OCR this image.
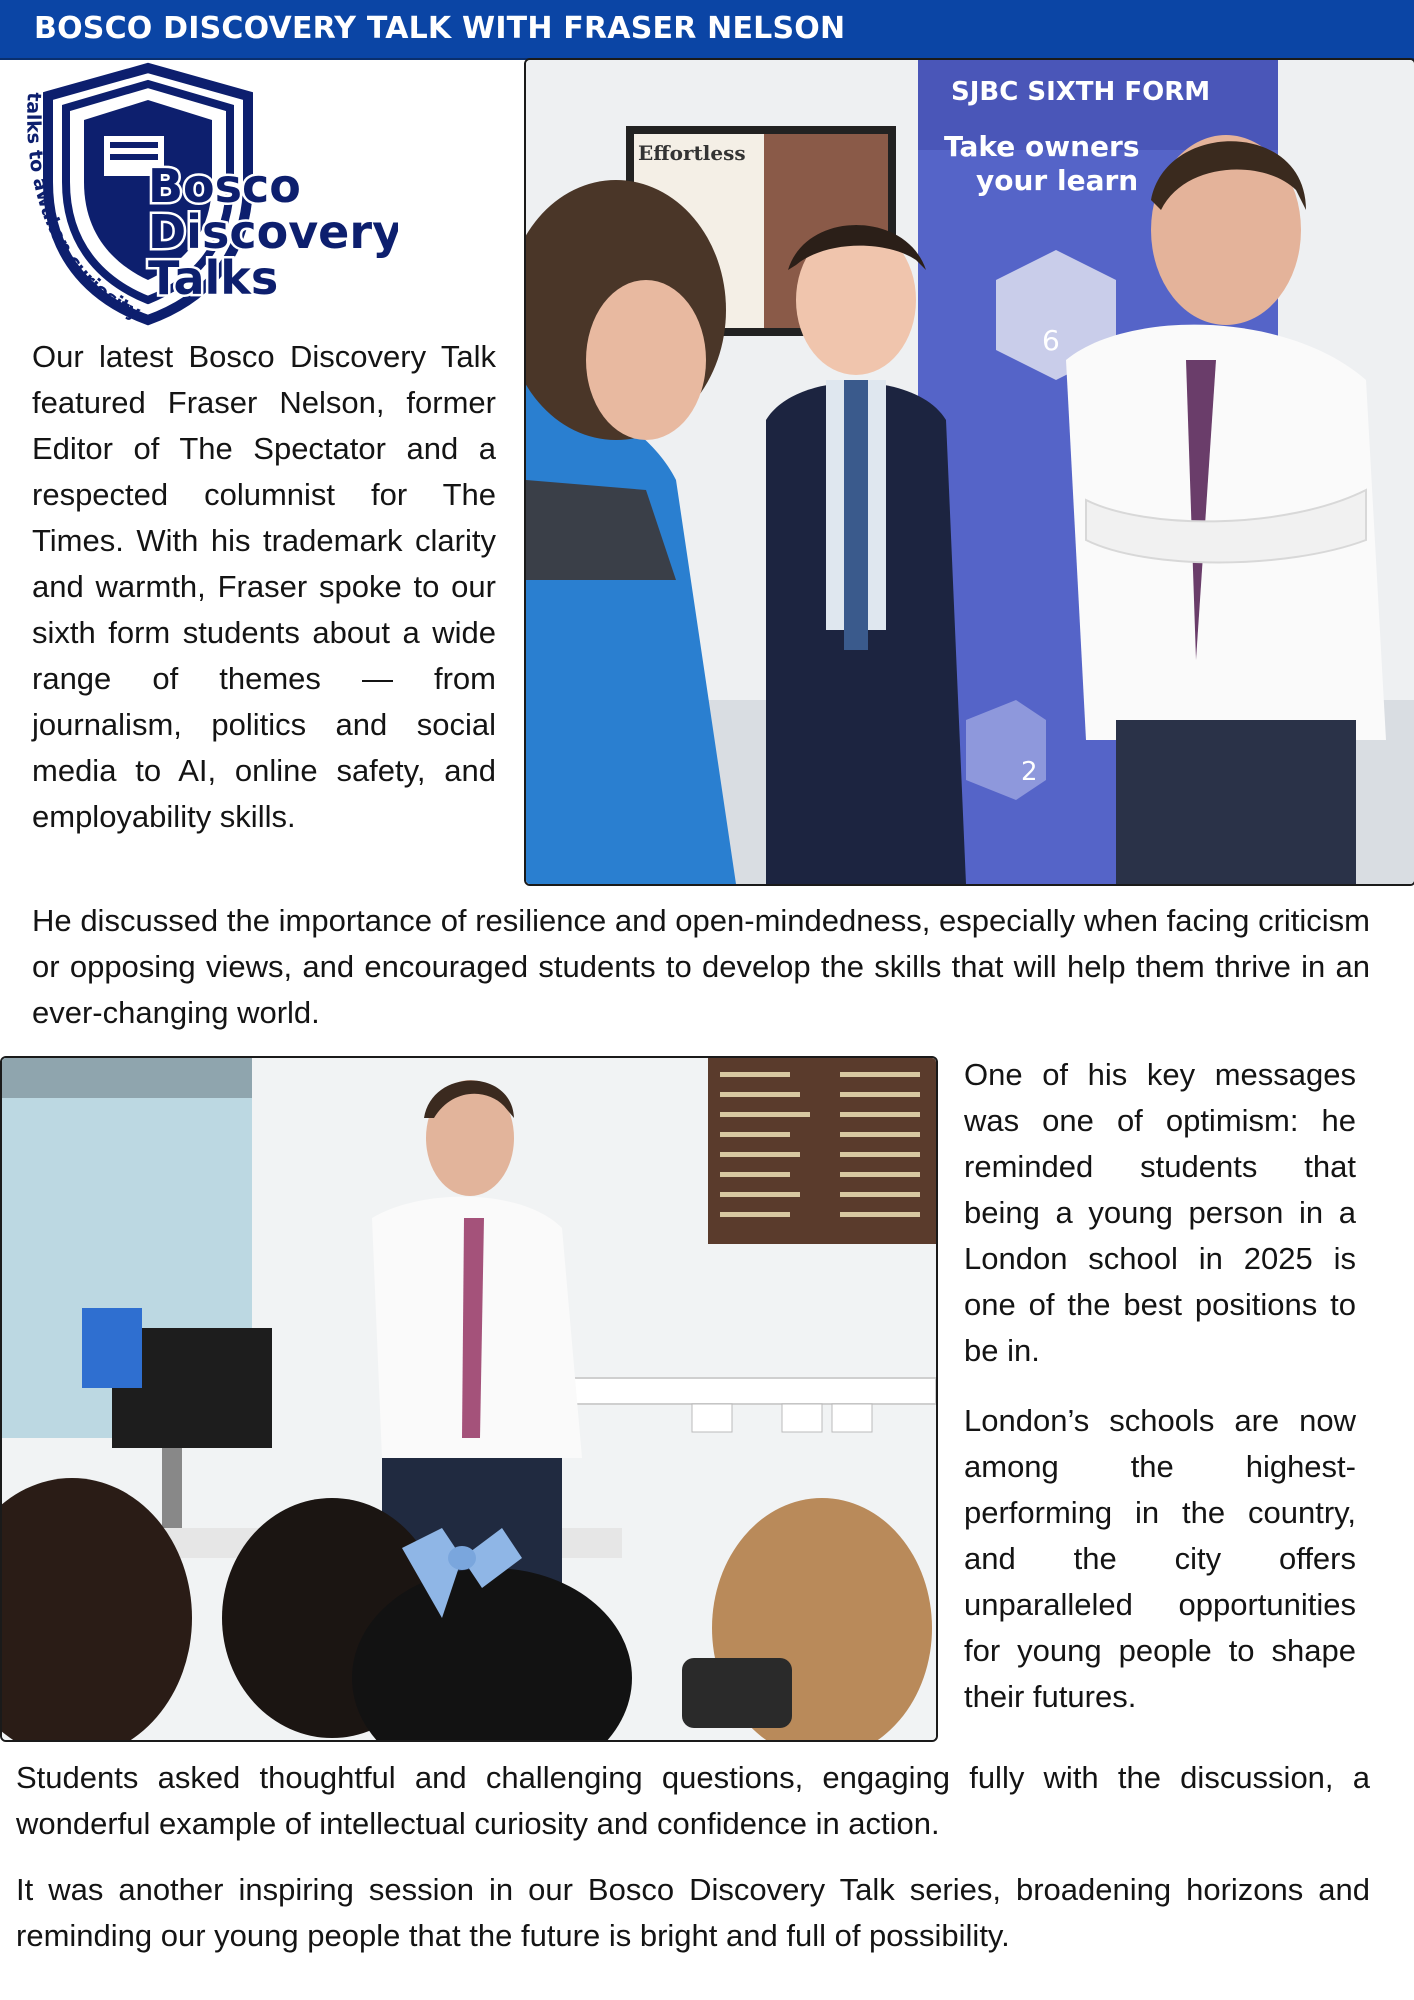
BOSCO DISCOVERY TALK WITH FRASER NELSON
Bosco
Discovery
Talks
talks to awaken curiosity
SJBC SIXTH FORM
Take owners
your learn
6
2
Effortless

Our latest Bosco Discovery Talk featured Fraser Nelson, former Editor of The Spectator and a respected columnist for The Times. With his trademark clarity and warmth, Fraser spoke to our sixth form students about a wide range of themes — from journalism, politics and social media to AI, online safety, and employability skills.

He discussed the importance of resilience and open-mindedness, especially when facing criticism or opposing views, and encouraged students to develop the skills that will help them thrive in an ever-changing world.

One of his key messages was one of optimism: he reminded students that being a young person in a London school in 2025 is one of the best positions to be in.

London’s schools are now among the highest-performing in the country, and the city offers unparalleled opportunities for young people to shape their futures.

Students asked thoughtful and challenging questions, engaging fully with the discussion, a wonderful example of intellectual curiosity and confidence in action.

It was another inspiring session in our Bosco Discovery Talk series, broadening horizons and reminding our young people that the future is bright and full of possibility.
